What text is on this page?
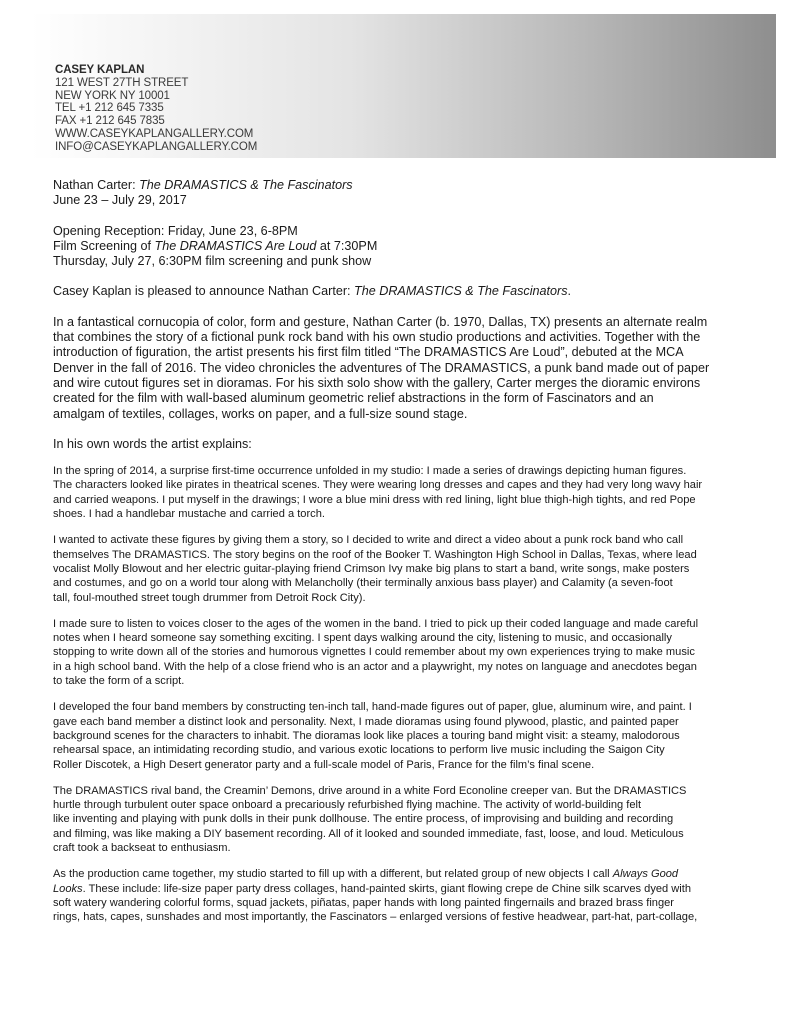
CASEY KAPLAN
121 WEST 27TH STREET
NEW YORK NY 10001
TEL +1 212 645 7335
FAX +1 212 645 7835
WWW.CASEYKAPLANGALLERY.COM
INFO@CASEYKAPLANGALLERY.COM

Nathan Carter: The DRAMASTICS & The Fascinators

June 23 – July 29, 2017

Opening Reception: Friday, June 23, 6-8PM

Film Screening of The DRAMASTICS Are Loud at 7:30PM

Thursday, July 27, 6:30PM film screening and punk show

Casey Kaplan is pleased to announce Nathan Carter: The DRAMASTICS & The Fascinators.

In a fantastical cornucopia of color, form and gesture, Nathan Carter (b. 1970, Dallas, TX) presents an alternate realm

that combines the story of a fictional punk rock band with his own studio productions and activities. Together with the

introduction of figuration, the artist presents his first film titled “The DRAMASTICS Are Loud”, debuted at the MCA

Denver in the fall of 2016. The video chronicles the adventures of The DRAMASTICS, a punk band made out of paper

and wire cutout figures set in dioramas. For his sixth solo show with the gallery, Carter merges the dioramic environs

created for the film with wall-based aluminum geometric relief abstractions in the form of Fascinators and an

amalgam of textiles, collages, works on paper, and a full-size sound stage.

In his own words the artist explains:

In the spring of 2014, a surprise first-time occurrence unfolded in my studio: I made a series of drawings depicting human figures.

The characters looked like pirates in theatrical scenes. They were wearing long dresses and capes and they had very long wavy hair

and carried weapons. I put myself in the drawings; I wore a blue mini dress with red lining, light blue thigh-high tights, and red Pope

shoes. I had a handlebar mustache and carried a torch.

I wanted to activate these figures by giving them a story, so I decided to write and direct a video about a punk rock band who call

themselves The DRAMASTICS. The story begins on the roof of the Booker T. Washington High School in Dallas, Texas, where lead

vocalist Molly Blowout and her electric guitar-playing friend Crimson Ivy make big plans to start a band, write songs, make posters

and costumes, and go on a world tour along with Melancholly (their terminally anxious bass player) and Calamity (a seven-foot

tall, foul-mouthed street tough drummer from Detroit Rock City).

I made sure to listen to voices closer to the ages of the women in the band. I tried to pick up their coded language and made careful

notes when I heard someone say something exciting. I spent days walking around the city, listening to music, and occasionally

stopping to write down all of the stories and humorous vignettes I could remember about my own experiences trying to make music

in a high school band. With the help of a close friend who is an actor and a playwright, my notes on language and anecdotes began

to take the form of a script.

I developed the four band members by constructing ten-inch tall, hand-made figures out of paper, glue, aluminum wire, and paint. I

gave each band member a distinct look and personality. Next, I made dioramas using found plywood, plastic, and painted paper

background scenes for the characters to inhabit. The dioramas look like places a touring band might visit: a steamy, malodorous

rehearsal space, an intimidating recording studio, and various exotic locations to perform live music including the Saigon City

Roller Discotek, a High Desert generator party and a full-scale model of Paris, France for the film’s final scene.

The DRAMASTICS rival band, the Creamin’ Demons, drive around in a white Ford Econoline creeper van. But the DRAMASTICS

hurtle through turbulent outer space onboard a precariously refurbished flying machine. The activity of world-building felt

like inventing and playing with punk dolls in their punk dollhouse. The entire process, of improvising and building and recording

and filming, was like making a DIY basement recording. All of it looked and sounded immediate, fast, loose, and loud. Meticulous

craft took a backseat to enthusiasm.

As the production came together, my studio started to fill up with a different, but related group of new objects I call Always Good

Looks. These include: life-size paper party dress collages, hand-painted skirts, giant flowing crepe de Chine silk scarves dyed with

soft watery wandering colorful forms, squad jackets, piñatas, paper hands with long painted fingernails and brazed brass finger

rings, hats, capes, sunshades and most importantly, the Fascinators – enlarged versions of festive headwear, part-hat, part-collage,
